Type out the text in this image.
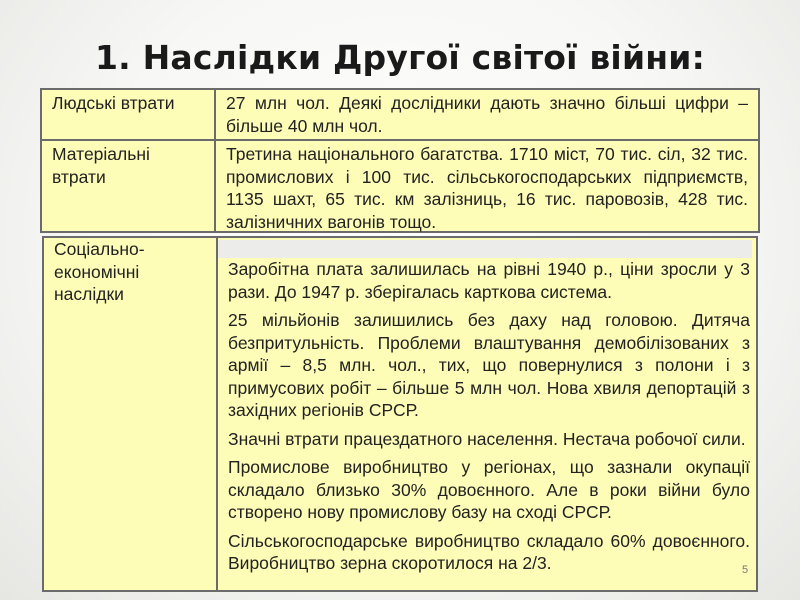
1. Наслідки Другої світої війни:
Людські втрати	27 млн чол. Деякі дослідники дають значно більші цифри – більше 40 млн чол.
Матеріальні втрати
Третина національного багатства. 1710 міст, 70 тис. сіл, 32 тис. промислових і 100 тис. сільськогосподарських підприємств, 1135 шахт, 65 тис. км залізниць, 16 тис. паровозів, 428 тис. залізничних вагонів тощо.
Соціально-економічні наслідки

Заробітна плата залишилась на рівні 1940 р., ціни зросли у 3 рази. До 1947 р. зберігалась карткова система.

25 мільйонів залишились без даху над головою. Дитяча безпритульність. Проблеми влаштування демобілізованих з армії – 8,5 млн. чол., тих, що повернулися з полони і з примусових робіт – більше 5 млн чол. Нова хвиля депортацій з західних регіонів СРСР.

Значні втрати працездатного населення. Нестача робочої сили.

Промислове виробництво у регіонах, що зазнали окупації складало близько 30% довоєнного. Але в роки війни було створено нову промислову базу на сході СРСР.

Сільськогосподарське виробництво складало 60% довоєнного. Виробництво зерна скоротилося на 2/3.	5
